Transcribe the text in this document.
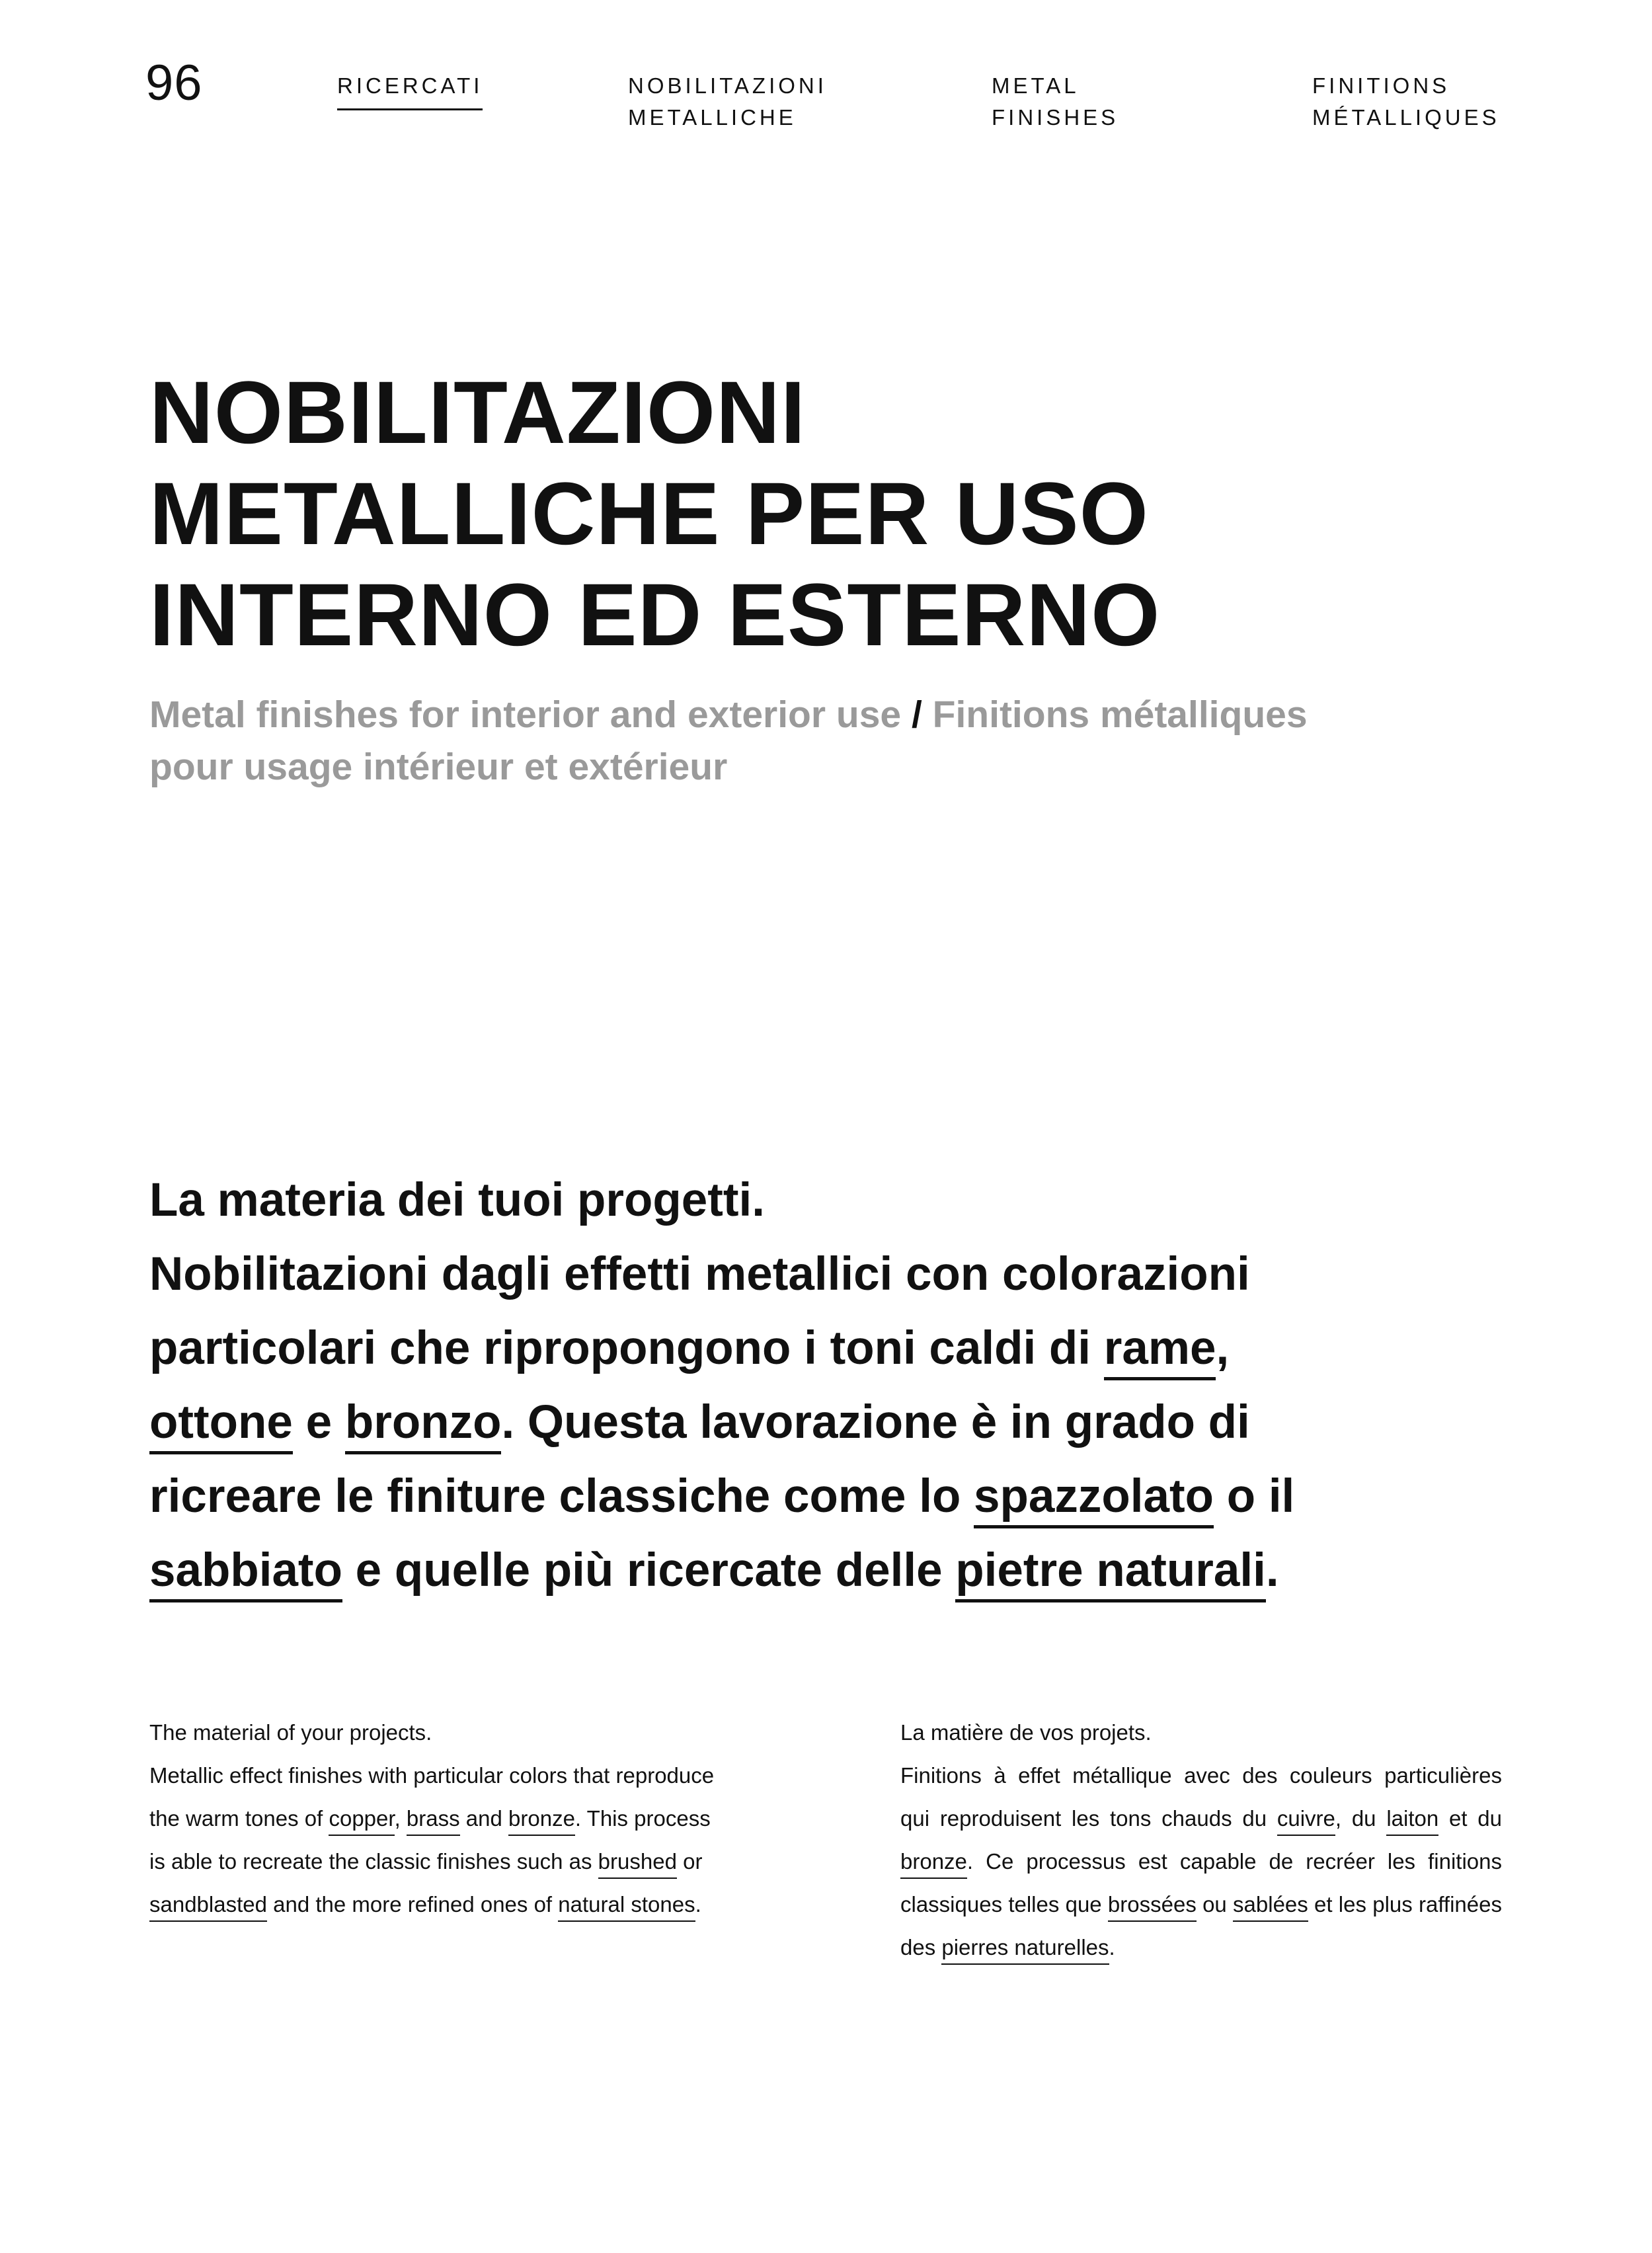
96	RICERCATI	NOBILITAZIONI
METALLICHE
METAL
FINISHES
FINITIONS
MÉTALLIQUES
NOBILITAZIONI
METALLICHE PER USO
INTERNO ED ESTERNO

Metal finishes for interior and exterior use / Finitions métalliques
pour usage intérieur et extérieur

La materia dei tuoi progetti.
Nobilitazioni dagli effetti metallici con colorazioni
particolari che ripropongono i toni caldi di rame,
ottone e bronzo. Questa lavorazione è in grado di
ricreare le finiture classiche come lo spazzolato o il
sabbiato e quelle più ricercate delle pietre naturali.

The material of your projects.
Metallic effect finishes with particular colors that reproduce
the warm tones of copper, brass and bronze. This process
is able to recreate the classic finishes such as brushed or
sandblasted and the more refined ones of natural stones.
La matière de vos projets.
Finitions à effet métallique avec des couleurs particulières
qui reproduisent les tons chauds du cuivre, du laiton et du
bronze. Ce processus est capable de recréer les finitions
classiques telles que brossées ou sablées et les plus raffinées
des pierres naturelles.
